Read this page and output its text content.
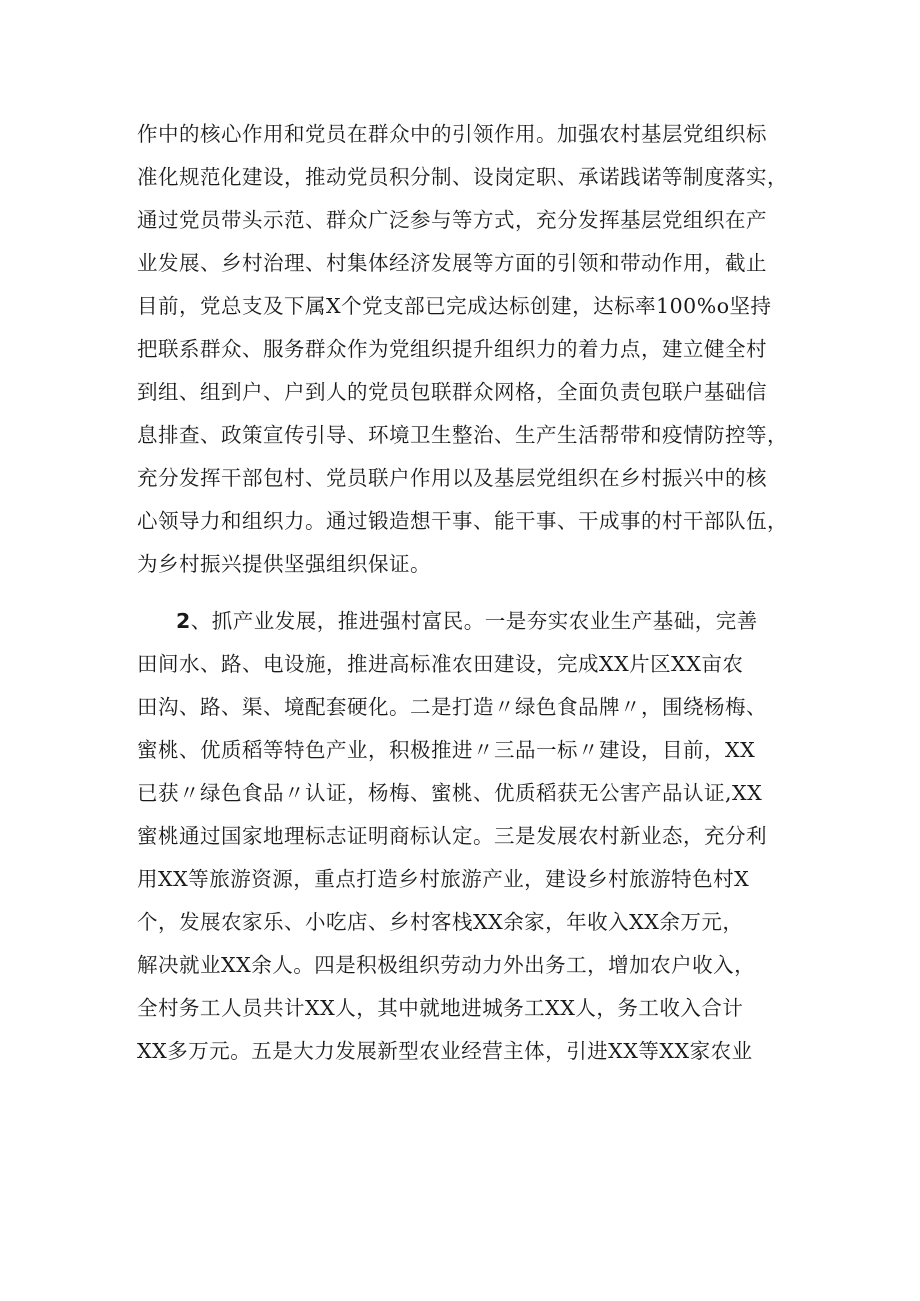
作中的核心作用和党员在群众中的引领作用。加强农村基层党组织标
准化规范化建设，推动党员积分制、设岗定职、承诺践诺等制度落实，
通过党员带头示范、群众广泛参与等方式，充分发挥基层党组织在产
业发展、乡村治理、村集体经济发展等方面的引领和带动作用，截止
目前，党总支及下属X个党支部已完成达标创建，达标率100%o坚持
把联系群众、服务群众作为党组织提升组织力的着力点，建立健全村
到组、组到户、户到人的党员包联群众网格，全面负责包联户基础信
息排查、政策宣传引导、环境卫生整治、生产生活帮带和疫情防控等，
充分发挥干部包村、党员联户作用以及基层党组织在乡村振兴中的核
心领导力和组织力。通过锻造想干事、能干事、干成事的村干部队伍，
为乡村振兴提供坚强组织保证。
2、抓产业发展，推进强村富民。一是夯实农业生产基础，完善
田间水、路、电设施，推进高标准农田建设，完成XX片区XX亩农
田沟、路、渠、境配套硬化。二是打造〃绿色食品牌〃，围绕杨梅、
蜜桃、优质稻等特色产业，积极推进〃三品一标〃建设，目前，XX
已获〃绿色食品〃认证，杨梅、蜜桃、优质稻获无公害产品认证,XX
蜜桃通过国家地理标志证明商标认定。三是发展农村新业态，充分利
用XX等旅游资源，重点打造乡村旅游产业，建设乡村旅游特色村X
个，发展农家乐、小吃店、乡村客栈XX余家，年收入XX余万元，
解决就业XX余人。四是积极组织劳动力外出务工，增加农户收入，
全村务工人员共计XX人，其中就地进城务工XX人，务工收入合计
XX多万元。五是大力发展新型农业经营主体，引进XX等XX家农业
